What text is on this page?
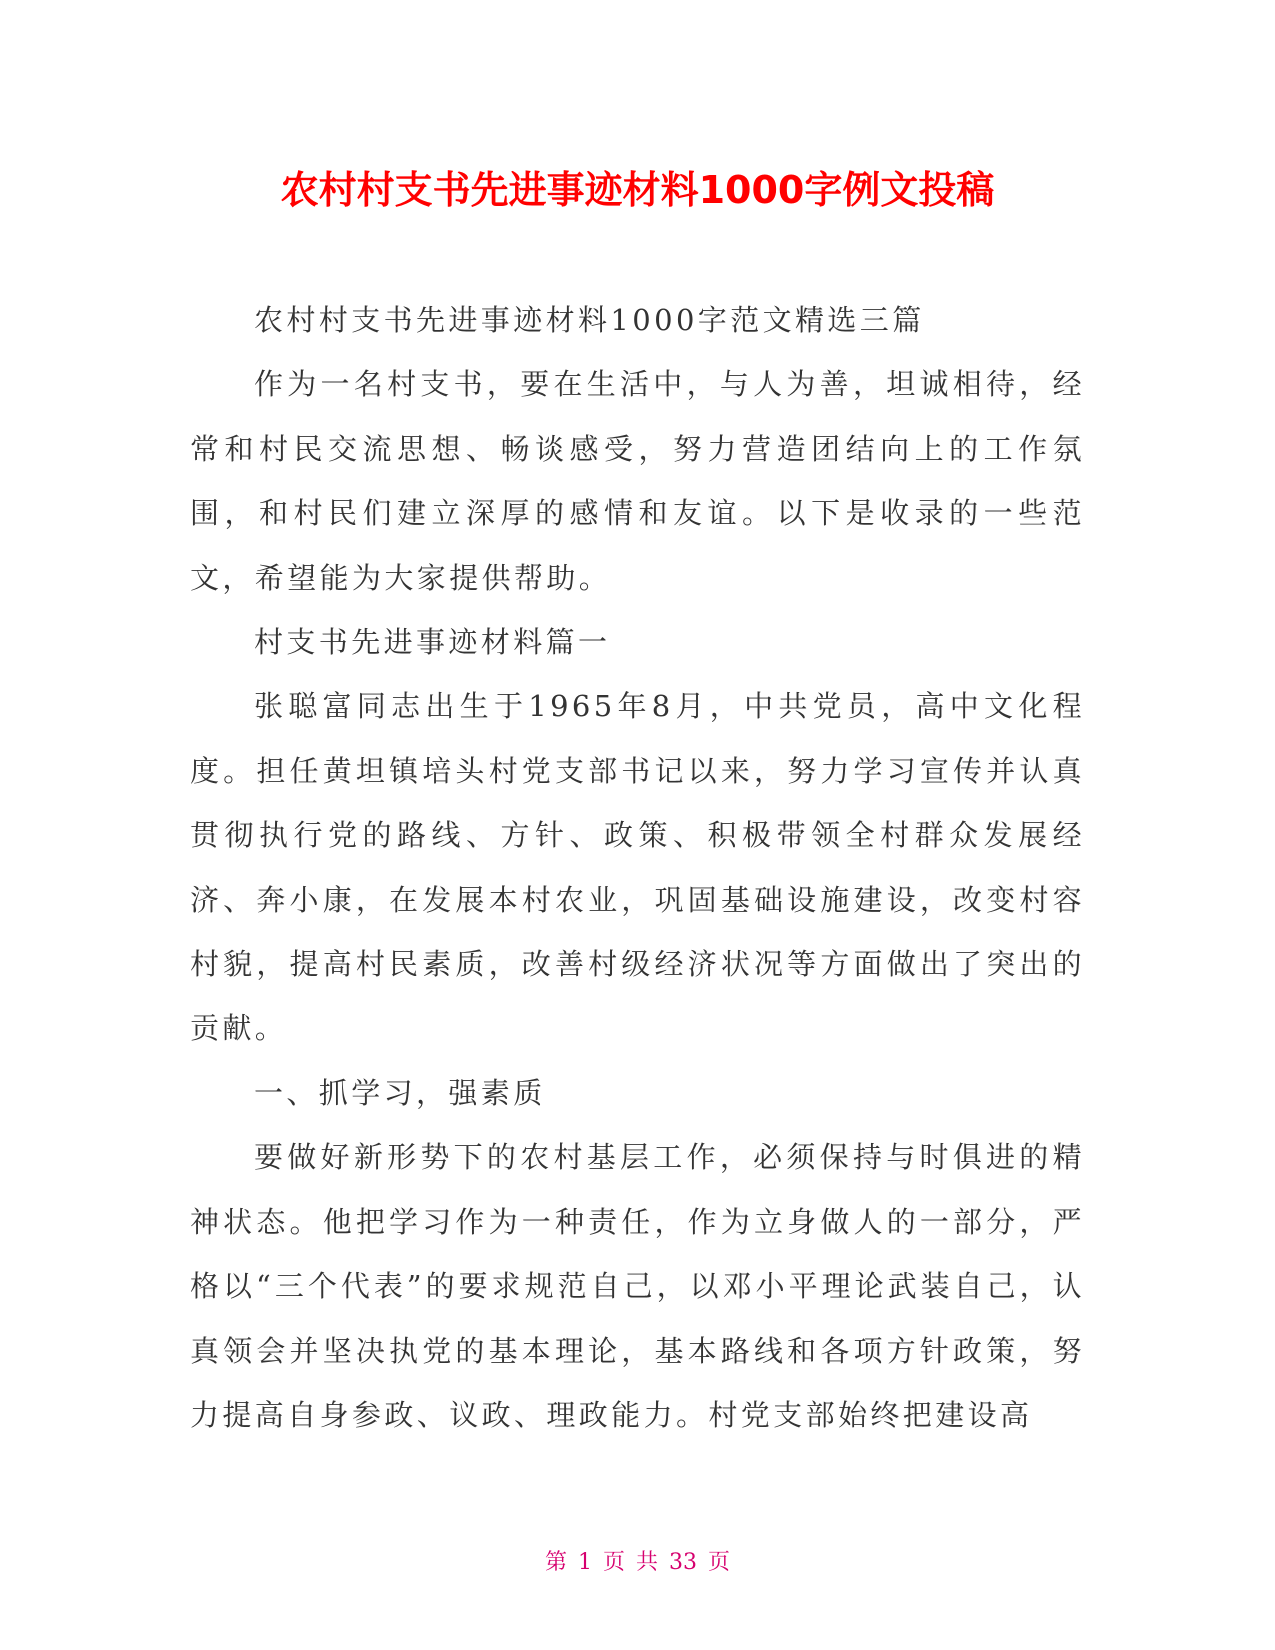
农村村支书先进事迹材料1000字例文投稿

农村村支书先进事迹材料1000字范文精选三篇

作为一名村支书，要在生活中，与人为善，坦诚相待，经常和村民交流思想、畅谈感受，努力营造团结向上的工作氛围，和村民们建立深厚的感情和友谊。以下是收录的一些范文，希望能为大家提供帮助。

村支书先进事迹材料篇一

张聪富同志出生于1965年8月，中共党员，高中文化程度。担任黄坦镇培头村党支部书记以来，努力学习宣传并认真贯彻执行党的路线、方针、政策、积极带领全村群众发展经济、奔小康，在发展本村农业，巩固基础设施建设，改变村容村貌，提高村民素质，改善村级经济状况等方面做出了突出的贡献。

一、抓学习，强素质

要做好新形势下的农村基层工作，必须保持与时俱进的精神状态。他把学习作为一种责任，作为立身做人的一部分，严格以“三个代表”的要求规范自己，以邓小平理论武装自己，认真领会并坚决执党的基本理论，基本路线和各项方针政策，努力提高自身参政、议政、理政能力。村党支部始终把建设高

第 1 页 共 33 页
